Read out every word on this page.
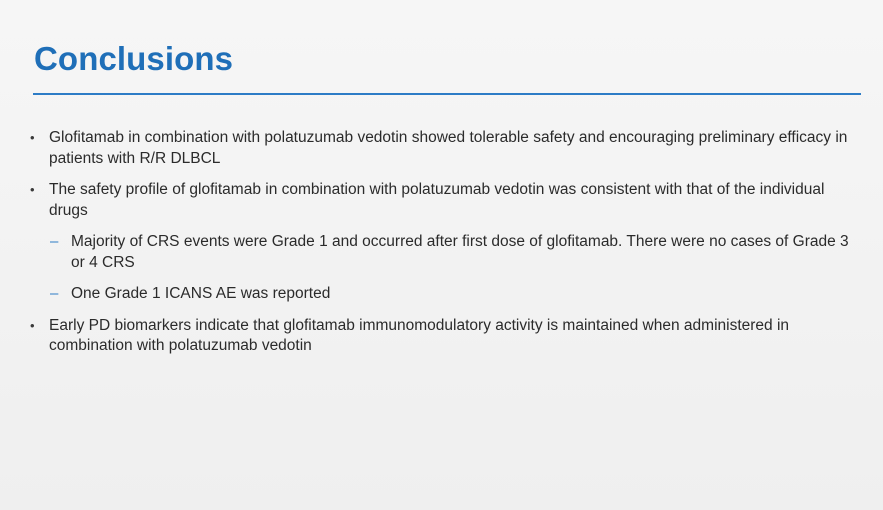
Conclusions
• Glofitamab in combination with polatuzumab vedotin showed tolerable safety and encouraging preliminary efficacy in patients with R/R DLBCL
• The safety profile of glofitamab in combination with polatuzumab vedotin was consistent with that of the individual drugs
– Majority of CRS events were Grade 1 and occurred after first dose of glofitamab. There were no cases of Grade 3 or 4 CRS
– One Grade 1 ICANS AE was reported
• Early PD biomarkers indicate that glofitamab immunomodulatory activity is maintained when administered in combination with polatuzumab vedotin
